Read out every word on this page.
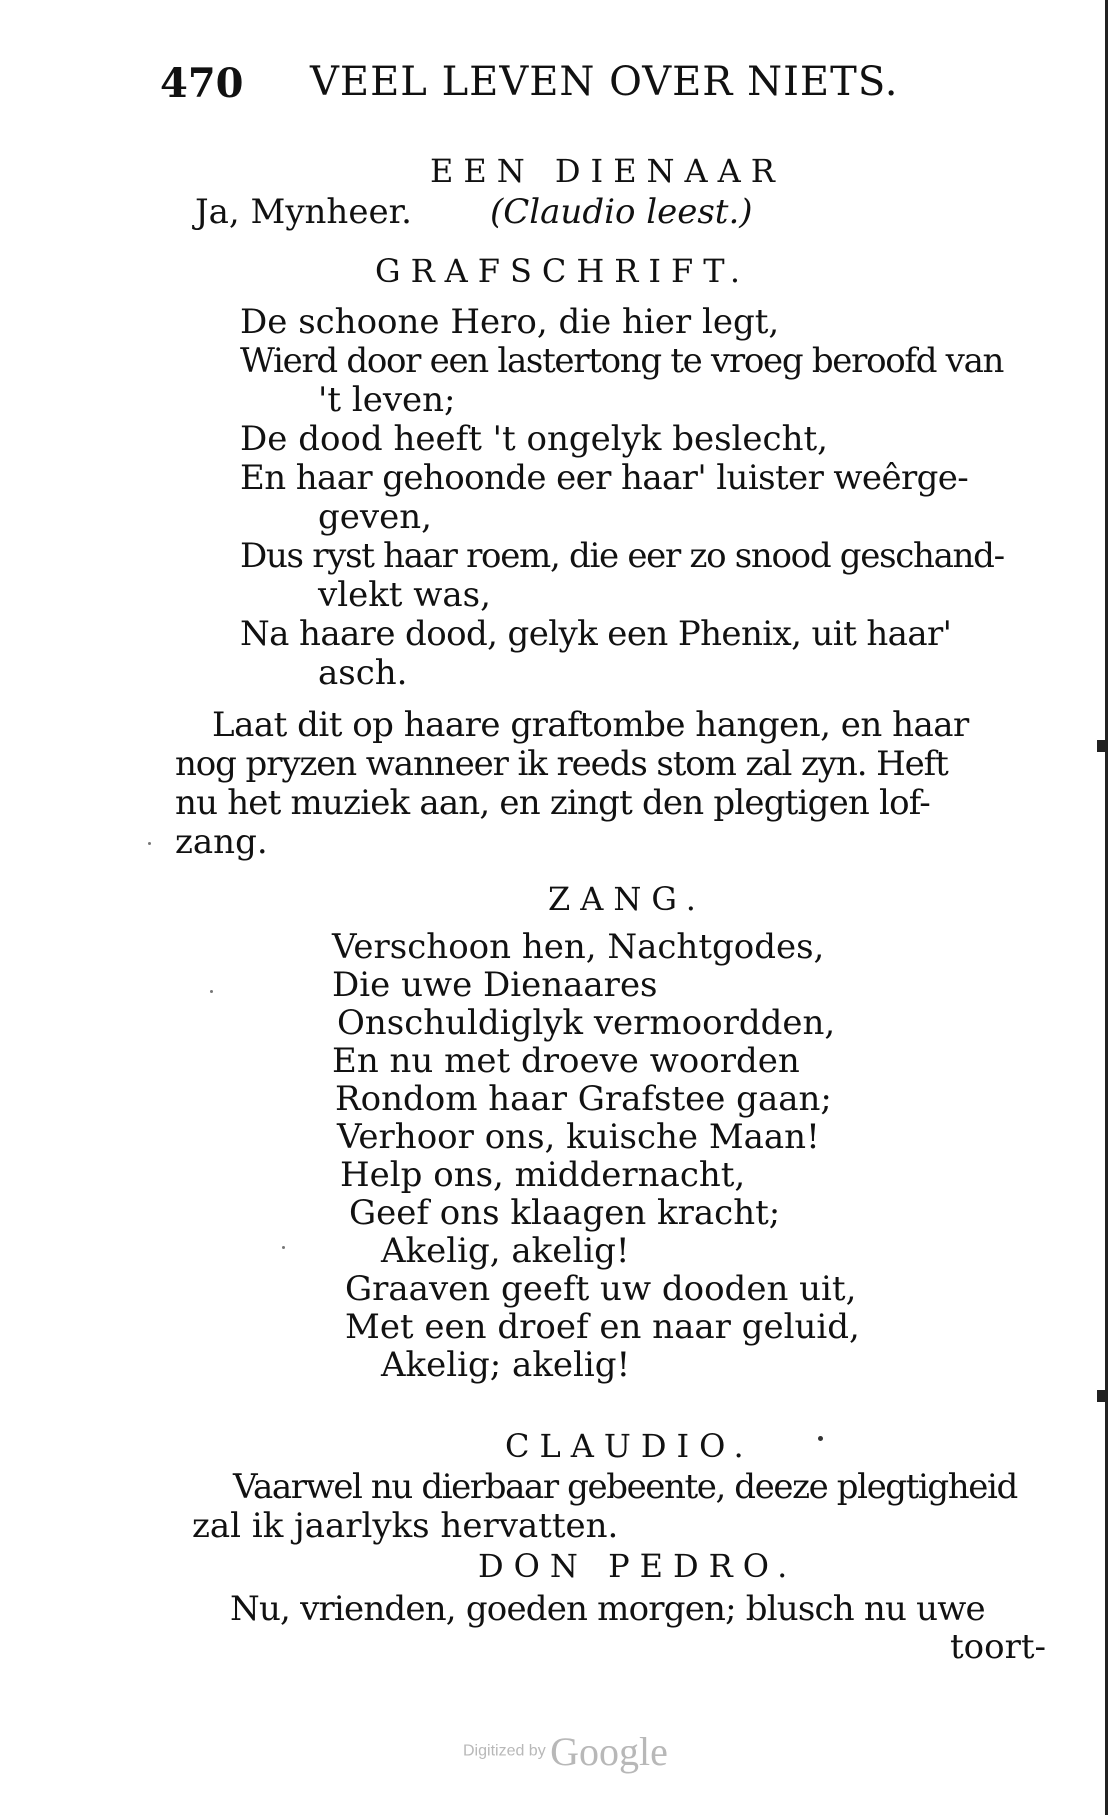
470 VEEL LEVEN OVER NIETS.
EEN DIENAAR
Ja, Mynheer. (Claudio leest.)
GRAFSCHRIFT.
De schoone Hero, die hier legt,
Wierd door een lastertong te vroeg beroofd van
't leven;
De dood heeft 't ongelyk beslecht,
En haar gehoonde eer haar' luister weêrge-
geven,
Dus ryst haar roem, die eer zo snood geschand-
vlekt was,
Na haare dood, gelyk een Phenix, uit haar'
asch.
Laat dit op haare graftombe hangen, en haar
nog pryzen wanneer ik reeds stom zal zyn. Heft
nu het muziek aan, en zingt den plegtigen lof-
zang.
ZANG.
Verschoon hen, Nachtgodes,
Die uwe Dienaares
Onschuldiglyk vermoordden,
En nu met droeve woorden
Rondom haar Grafstee gaan;
Verhoor ons, kuische Maan!
Help ons, middernacht,
Geef ons klaagen kracht;
Akelig, akelig!
Graaven geeft uw dooden uit,
Met een droef en naar geluid,
Akelig; akelig!
CLAUDIO.
Vaarwel nu dierbaar gebeente, deeze plegtigheid
zal ik jaarlyks hervatten.
DON PEDRO.
Nu, vrienden, goeden morgen; blusch nu uwe
toort-
Digitized by Google
